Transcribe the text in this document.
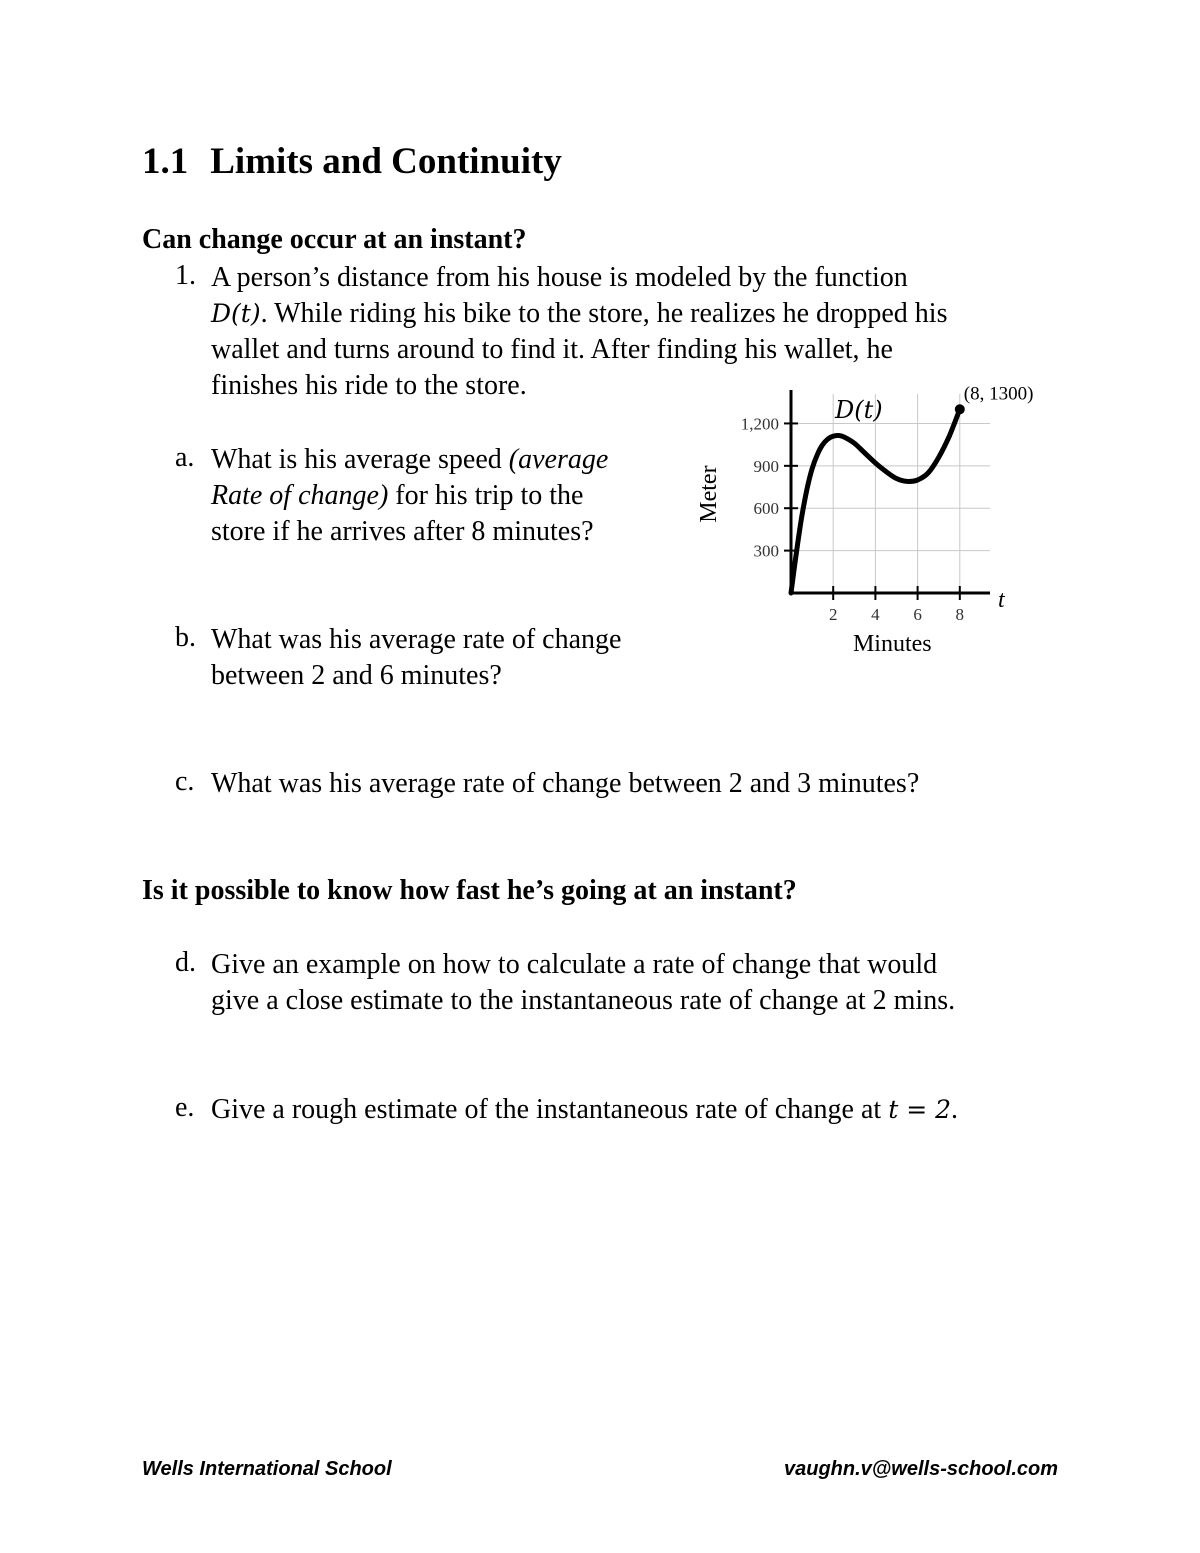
1.1 Limits and Continuity
Can change occur at an instant?
1. A person’s distance from his house is modeled by the function
D(t). While riding his bike to the store, he realizes he dropped his
wallet and turns around to find it. After finding his wallet, he
finishes his ride to the store.
a. What is his average speed (average
Rate of change) for his trip to the
store if he arrives after 8 minutes?
b. What was his average rate of change
between 2 and 6 minutes?
c. What was his average rate of change between 2 and 3 minutes?
Is it possible to know how fast he’s going at an instant?
d. Give an example on how to calculate a rate of change that would
give a close estimate to the instantaneous rate of change at 2 mins.
e. Give a rough estimate of the instantaneous rate of change at t = 2.
2 4 6 8
300
600
900
1,200
(8, 1300)
D(t)
Minutes
Meter
t
Wells International School	vaughn.v@wells-school.com
